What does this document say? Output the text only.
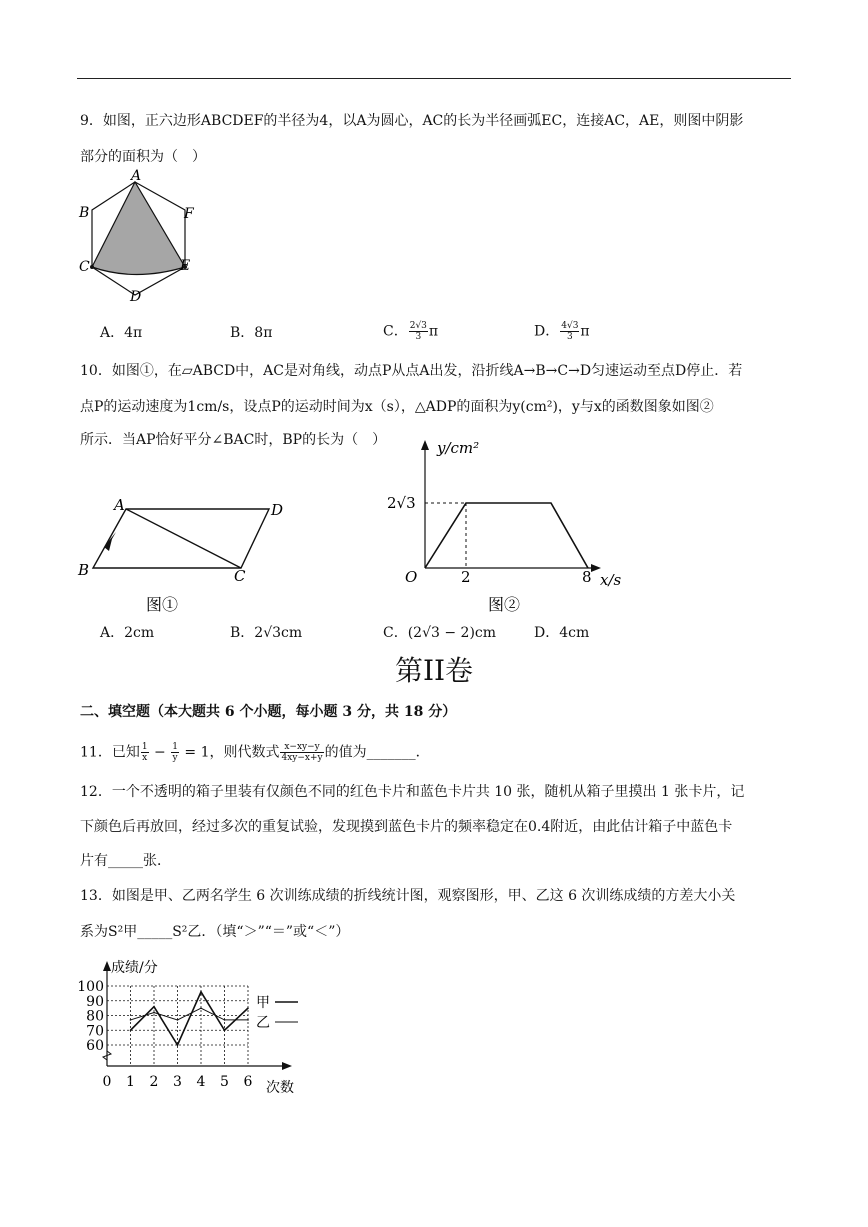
9．如图，正六边形ABCDEF的半径为4，以A为圆心，AC的长为半径画弧EC，连接AC，AE，则图中阴影
部分的面积为（　）
A
B
C
D
E
F
A．4π	B．8π	C． $\frac{2√3}{3}$ π	D． $\frac{4√3}{3}$ π
10．如图①，在▱ABCD中，AC是对角线，动点P从点A出发，沿折线A→B→C→D匀速运动至点D停止．若
点P的运动速度为1cm/s，设点P的运动时间为x（s），△ADP的面积为y(cm²)，y与x的函数图象如图②
所示．当AP恰好平分∠BAC时，BP的长为（　）
A	D
B	C
图①
y/cm²
2√3
O	2	8 x/s
图②
A．2cm	B．2√3cm	C．(2√3 − 2)cm	D．4cm
第II卷
二、填空题（本大题共 6 个小题，每小题 3 分，共 18 分）
11．已知 $\frac{1}{x} - \frac{1}{y} = 1$，则代数式 $\frac{x-xy-y}{4xy-x+y}$ 的值为_______．
12．一个不透明的箱子里装有仅颜色不同的红色卡片和蓝色卡片共 10 张，随机从箱子里摸出 1 张卡片，记
下颜色后再放回，经过多次的重复试验，发现摸到蓝色卡片的频率稳定在0.4附近，由此估计箱子中蓝色卡
片有_____张．
13．如图是甲、乙两名学生 6 次训练成绩的折线统计图，观察图形，甲、乙这 6 次训练成绩的方差大小关
系为S²甲_____S²乙．（填“＞”“＝”或“＜”）
60
70
80
90
100
0 1 2 3 4 5 6
成绩/分
次数
甲
乙
